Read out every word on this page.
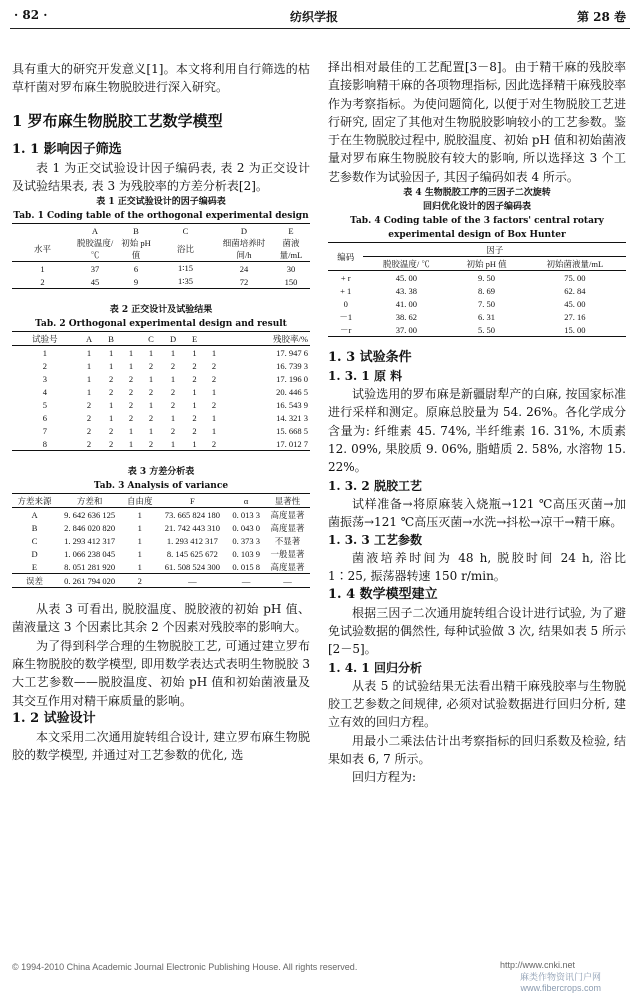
· 82 ·	纺织学报	第 28 卷

具有重大的研究开发意义[1]。本文将利用自行筛选的枯草杆菌对罗布麻生物脱胶进行深入研究。

1 罗布麻生物脱胶工艺数学模型
1. 1 影响因子筛选

表 1 为正交试验设计因子编码表, 表 2 为正交设计及试验结果表, 表 3 为残胶率的方差分析表[2]。

表 1 正交试验设计的因子编码表

Tab. 1 Coding table of the orthogonal experimental design

	A	B	C	D	E
水平	脱胶温度/ ℃	初始 pH 值	浴比	细菌培养时间/h	菌液量/mL
1	37	6	1∶15	24	30
2	45	9	1∶35	72	150

表 2 正交设计及试验结果

Tab. 2 Orthogonal experimental design and result

试验号	A	B		C	D	E		残胶率/%
1	1	1	1	1	1	1	1	17. 947 6
2	1	1	1	2	2	2	2	16. 739 3
3	1	2	2	1	1	2	2	17. 196 0
4	1	2	2	2	2	1	1	20. 446 5
5	2	1	2	1	2	1	2	16. 543 9
6	2	1	2	2	1	2	1	14. 321 3
7	2	2	1	1	2	2	1	15. 668 5
8	2	2	1	2	1	1	2	17. 012 7

表 3 方差分析表

Tab. 3 Analysis of variance

方差来源	方差和	自由度	F	α	显著性
A	9. 642 636 125	1	73. 665 824 180	0. 013 3	高度显著
B	2. 846 020 820	1	21. 742 443 310	0. 043 0	高度显著
C	1. 293 412 317	1	1. 293 412 317	0. 373 3	不显著
D	1. 066 238 045	1	8. 145 625 672	0. 103 9	一般显著
E	8. 051 281 920	1	61. 508 524 300	0. 015 8	高度显著
误差	0. 261 794 020	2	—	—	—

从表 3 可看出, 脱胶温度、脱胶液的初始 pH 值、菌液量这 3 个因素比其余 2 个因素对残胶率的影响大。

为了得到科学合理的生物脱胶工艺, 可通过建立罗布麻生物脱胶的数学模型, 即用数学表达式表明生物脱胶 3 大工艺参数——脱胶温度、初始 pH 值和初始菌液量及其交互作用对精干麻质量的影响。

1. 2 试验设计

本文采用二次通用旋转组合设计, 建立罗布麻生物脱胶的数学模型, 并通过对工艺参数的优化, 选

择出相对最佳的工艺配置[3－8]。由于精干麻的残胶率直接影响精干麻的各项物理指标, 因此选择精干麻残胶率作为考察指标。为使问题简化, 以便于对生物脱胶工艺进行研究, 固定了其他对生物脱胶影响较小的工艺参数。鉴于在生物脱胶过程中, 脱胶温度、初始 pH 值和初始菌液量对罗布麻生物脱胶有较大的影响, 所以选择这 3 个工艺参数作为试验因子, 其因子编码如表 4 所示。

表 4 生物脱胶工序的三因子二次旋转

回归优化设计的因子编码表

Tab. 4 Coding table of the 3 factors' central rotary

experimental design of Box Hunter

编码	因子		
	脱胶温度/ ℃	初始 pH 值	初始菌液量/mL
+ r	45. 00	9. 50	75. 00
+ 1	43. 38	8. 69	62. 84
0	41. 00	7. 50	45. 00
－1	38. 62	6. 31	27. 16
－r	37. 00	5. 50	15. 00
1. 3 试验条件
1. 3. 1 原 料

试验选用的罗布麻是新疆尉犁产的白麻, 按国家标准进行采样和测定。原麻总胶量为 54. 26%。各化学成分含量为: 纤维素 45. 74%, 半纤维素 16. 31%, 木质素 12. 09%, 果胶质 9. 06%, 脂蜡质 2. 58%, 水溶物 15. 22%。

1. 3. 2 脱胶工艺

试样准备→将原麻装入烧瓶→121 ℃高压灭菌→加菌振荡→121 ℃高压灭菌→水洗→抖松→凉干→精干麻。

1. 3. 3 工艺参数

菌液培养时间为 48 h, 脱胶时间 24 h, 浴比 1∶25, 振荡器转速 150 r/min。

1. 4 数学模型建立

根据三因子二次通用旋转组合设计进行试验, 为了避免试验数据的偶然性, 每种试验做 3 次, 结果如表 5 所示[2－5]。

1. 4. 1 回归分析

从表 5 的试验结果无法看出精干麻残胶率与生物脱胶工艺参数之间规律, 必须对试验数据进行回归分析, 建立有效的回归方程。

用最小二乘法估计出考察指标的回归系数及检验, 结果如表 6, 7 所示。

回归方程为:

© 1994-2010 China Academic Journal Electronic Publishing House. All rights reserved.	http://www.cnki.net
麻类作物资讯门户网
www.fibercrops.com
